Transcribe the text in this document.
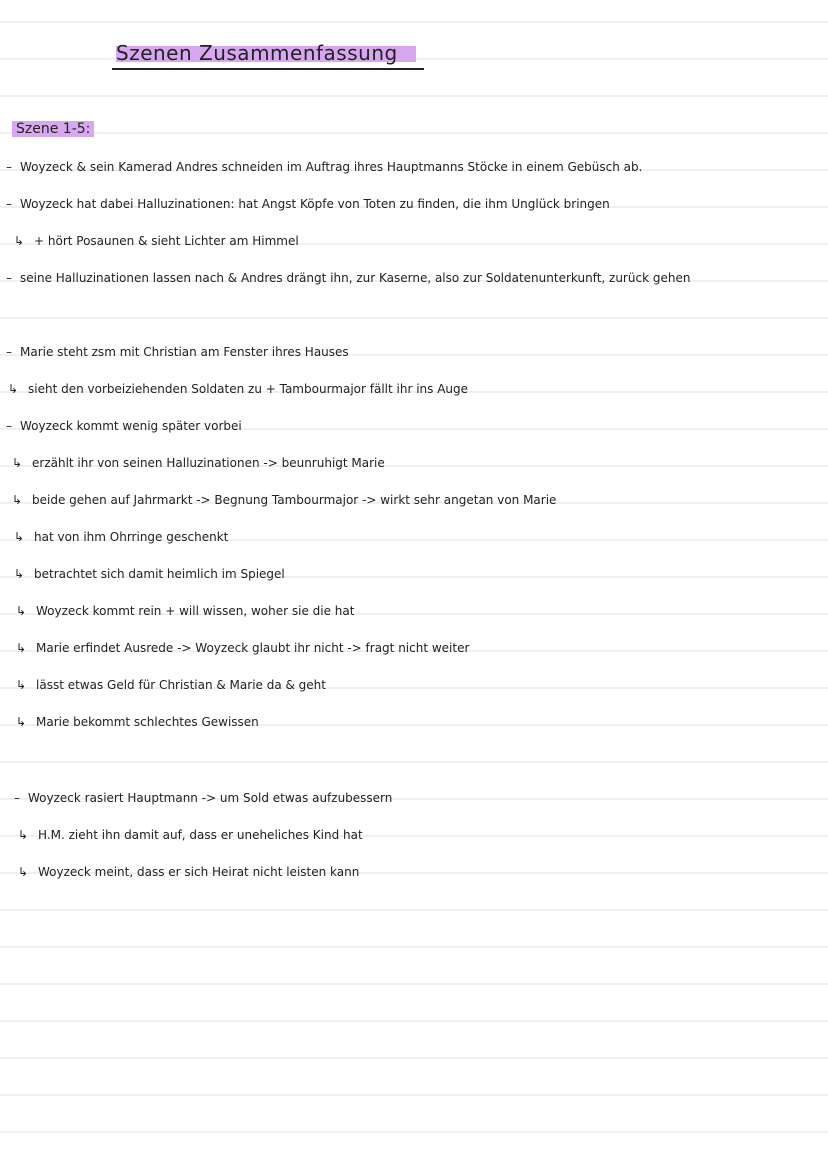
Szenen Zusammenfassung
Szene 1-5:
– Woyzeck & sein Kamerad Andres schneiden im Auftrag ihres Hauptmanns Stöcke in einem Gebüsch ab.
– Woyzeck hat dabei Halluzinationen: hat Angst Köpfe von Toten zu finden, die ihm Unglück bringen
↳ + hört Posaunen & sieht Lichter am Himmel
– seine Halluzinationen lassen nach & Andres drängt ihn, zur Kaserne, also zur Soldatenunterkunft, zurück gehen
– Marie steht zsm mit Christian am Fenster ihres Hauses
↳ sieht den vorbeiziehenden Soldaten zu + Tambourmajor fällt ihr ins Auge
– Woyzeck kommt wenig später vorbei
↳ erzählt ihr von seinen Halluzinationen -> beunruhigt Marie
↳ beide gehen auf Jahrmarkt -> Begnung Tambourmajor -> wirkt sehr angetan von Marie
↳ hat von ihm Ohrringe geschenkt
↳ betrachtet sich damit heimlich im Spiegel
↳ Woyzeck kommt rein + will wissen, woher sie die hat
↳ Marie erfindet Ausrede -> Woyzeck glaubt ihr nicht -> fragt nicht weiter
↳ lässt etwas Geld für Christian & Marie da & geht
↳ Marie bekommt schlechtes Gewissen
– Woyzeck rasiert Hauptmann -> um Sold etwas aufzubessern
↳ H.M. zieht ihn damit auf, dass er uneheliches Kind hat
↳ Woyzeck meint, dass er sich Heirat nicht leisten kann
